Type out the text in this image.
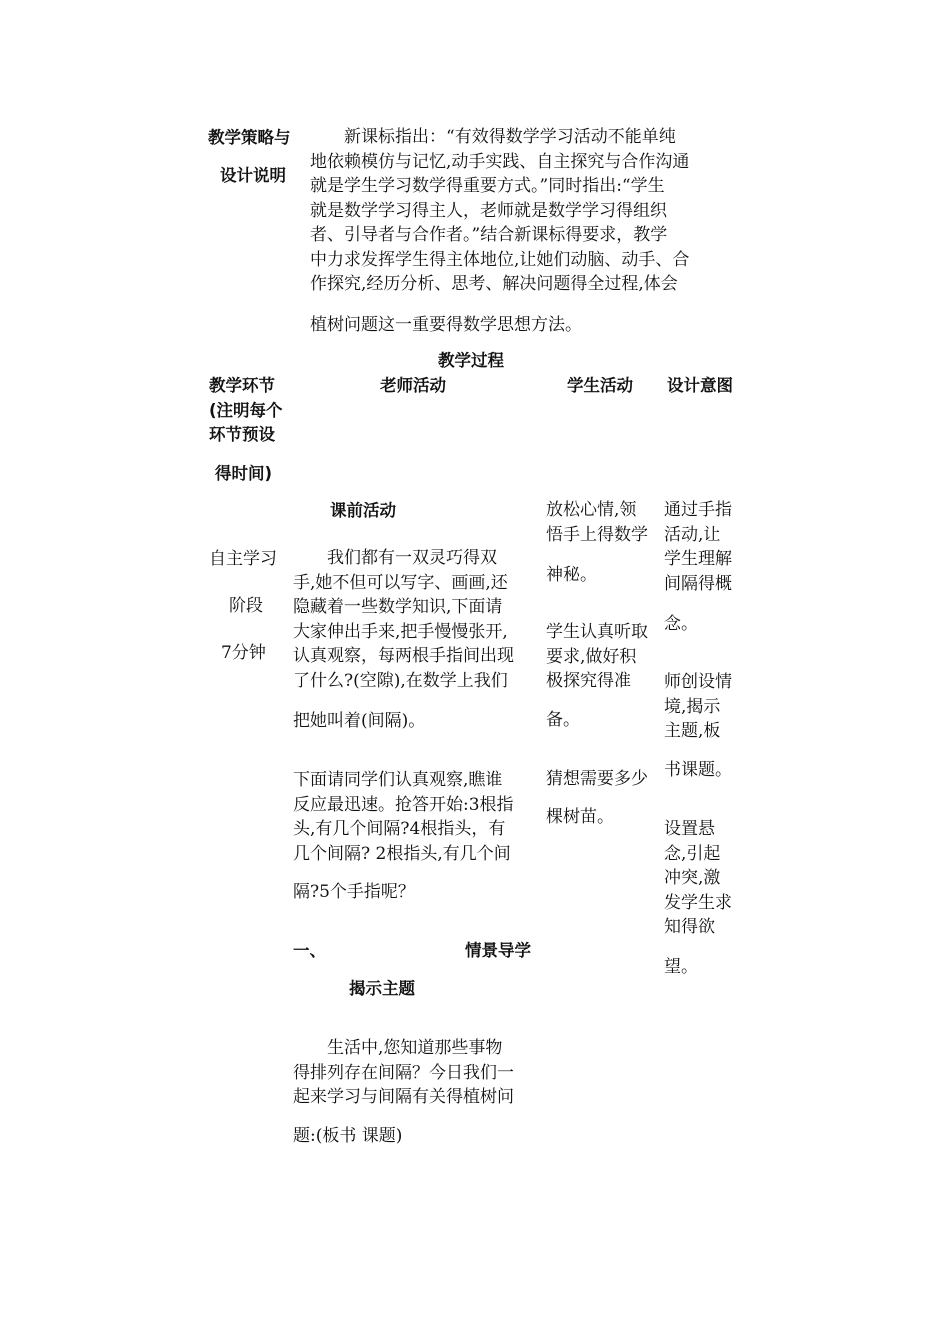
教学策略与
设计说明
　　新课标指出：“有效得数学学习活动不能单纯
地依赖模仿与记忆,动手实践、自主探究与合作沟通
就是学生学习数学得重要方式。”同时指出:“学生
就是数学学习得主人，老师就是数学学习得组织
者、引导者与合作者。”结合新课标得要求，教学
中力求发挥学生得主体地位,让她们动脑、动手、合
作探究,经历分析、思考、解决问题得全过程,体会
植树问题这一重要得数学思想方法。
教学过程
教学环节
(注明每个
环节预设
得时间)
老师活动	学生活动 设计意图
自主学习
阶段
7分钟
课前活动
　　我们都有一双灵巧得双
手,她不但可以写字、画画,还
隐藏着一些数学知识,下面请
大家伸出手来,把手慢慢张开,
认真观察，每两根手指间出现
了什么?(空隙),在数学上我们
把她叫着(间隔)。
下面请同学们认真观察,瞧谁
反应最迅速。抢答开始:3根指
头,有几个间隔?4根指头，有
几个间隔? 2根指头,有几个间
隔?5个手指呢？
一、	情景导学
揭示主题
　　生活中,您知道那些事物
得排列存在间隔？今日我们一
起来学习与间隔有关得植树问
题:(板书 课题)
放松心情,领
悟手上得数学
神秘。
学生认真听取
要求,做好积
极探究得准
备。
猜想需要多少
棵树苗。
通过手指
活动,让
学生理解
间隔得概
念。
师创设情
境,揭示
主题,板
书课题。
设置悬
念,引起
冲突,激
发学生求
知得欲
望。
